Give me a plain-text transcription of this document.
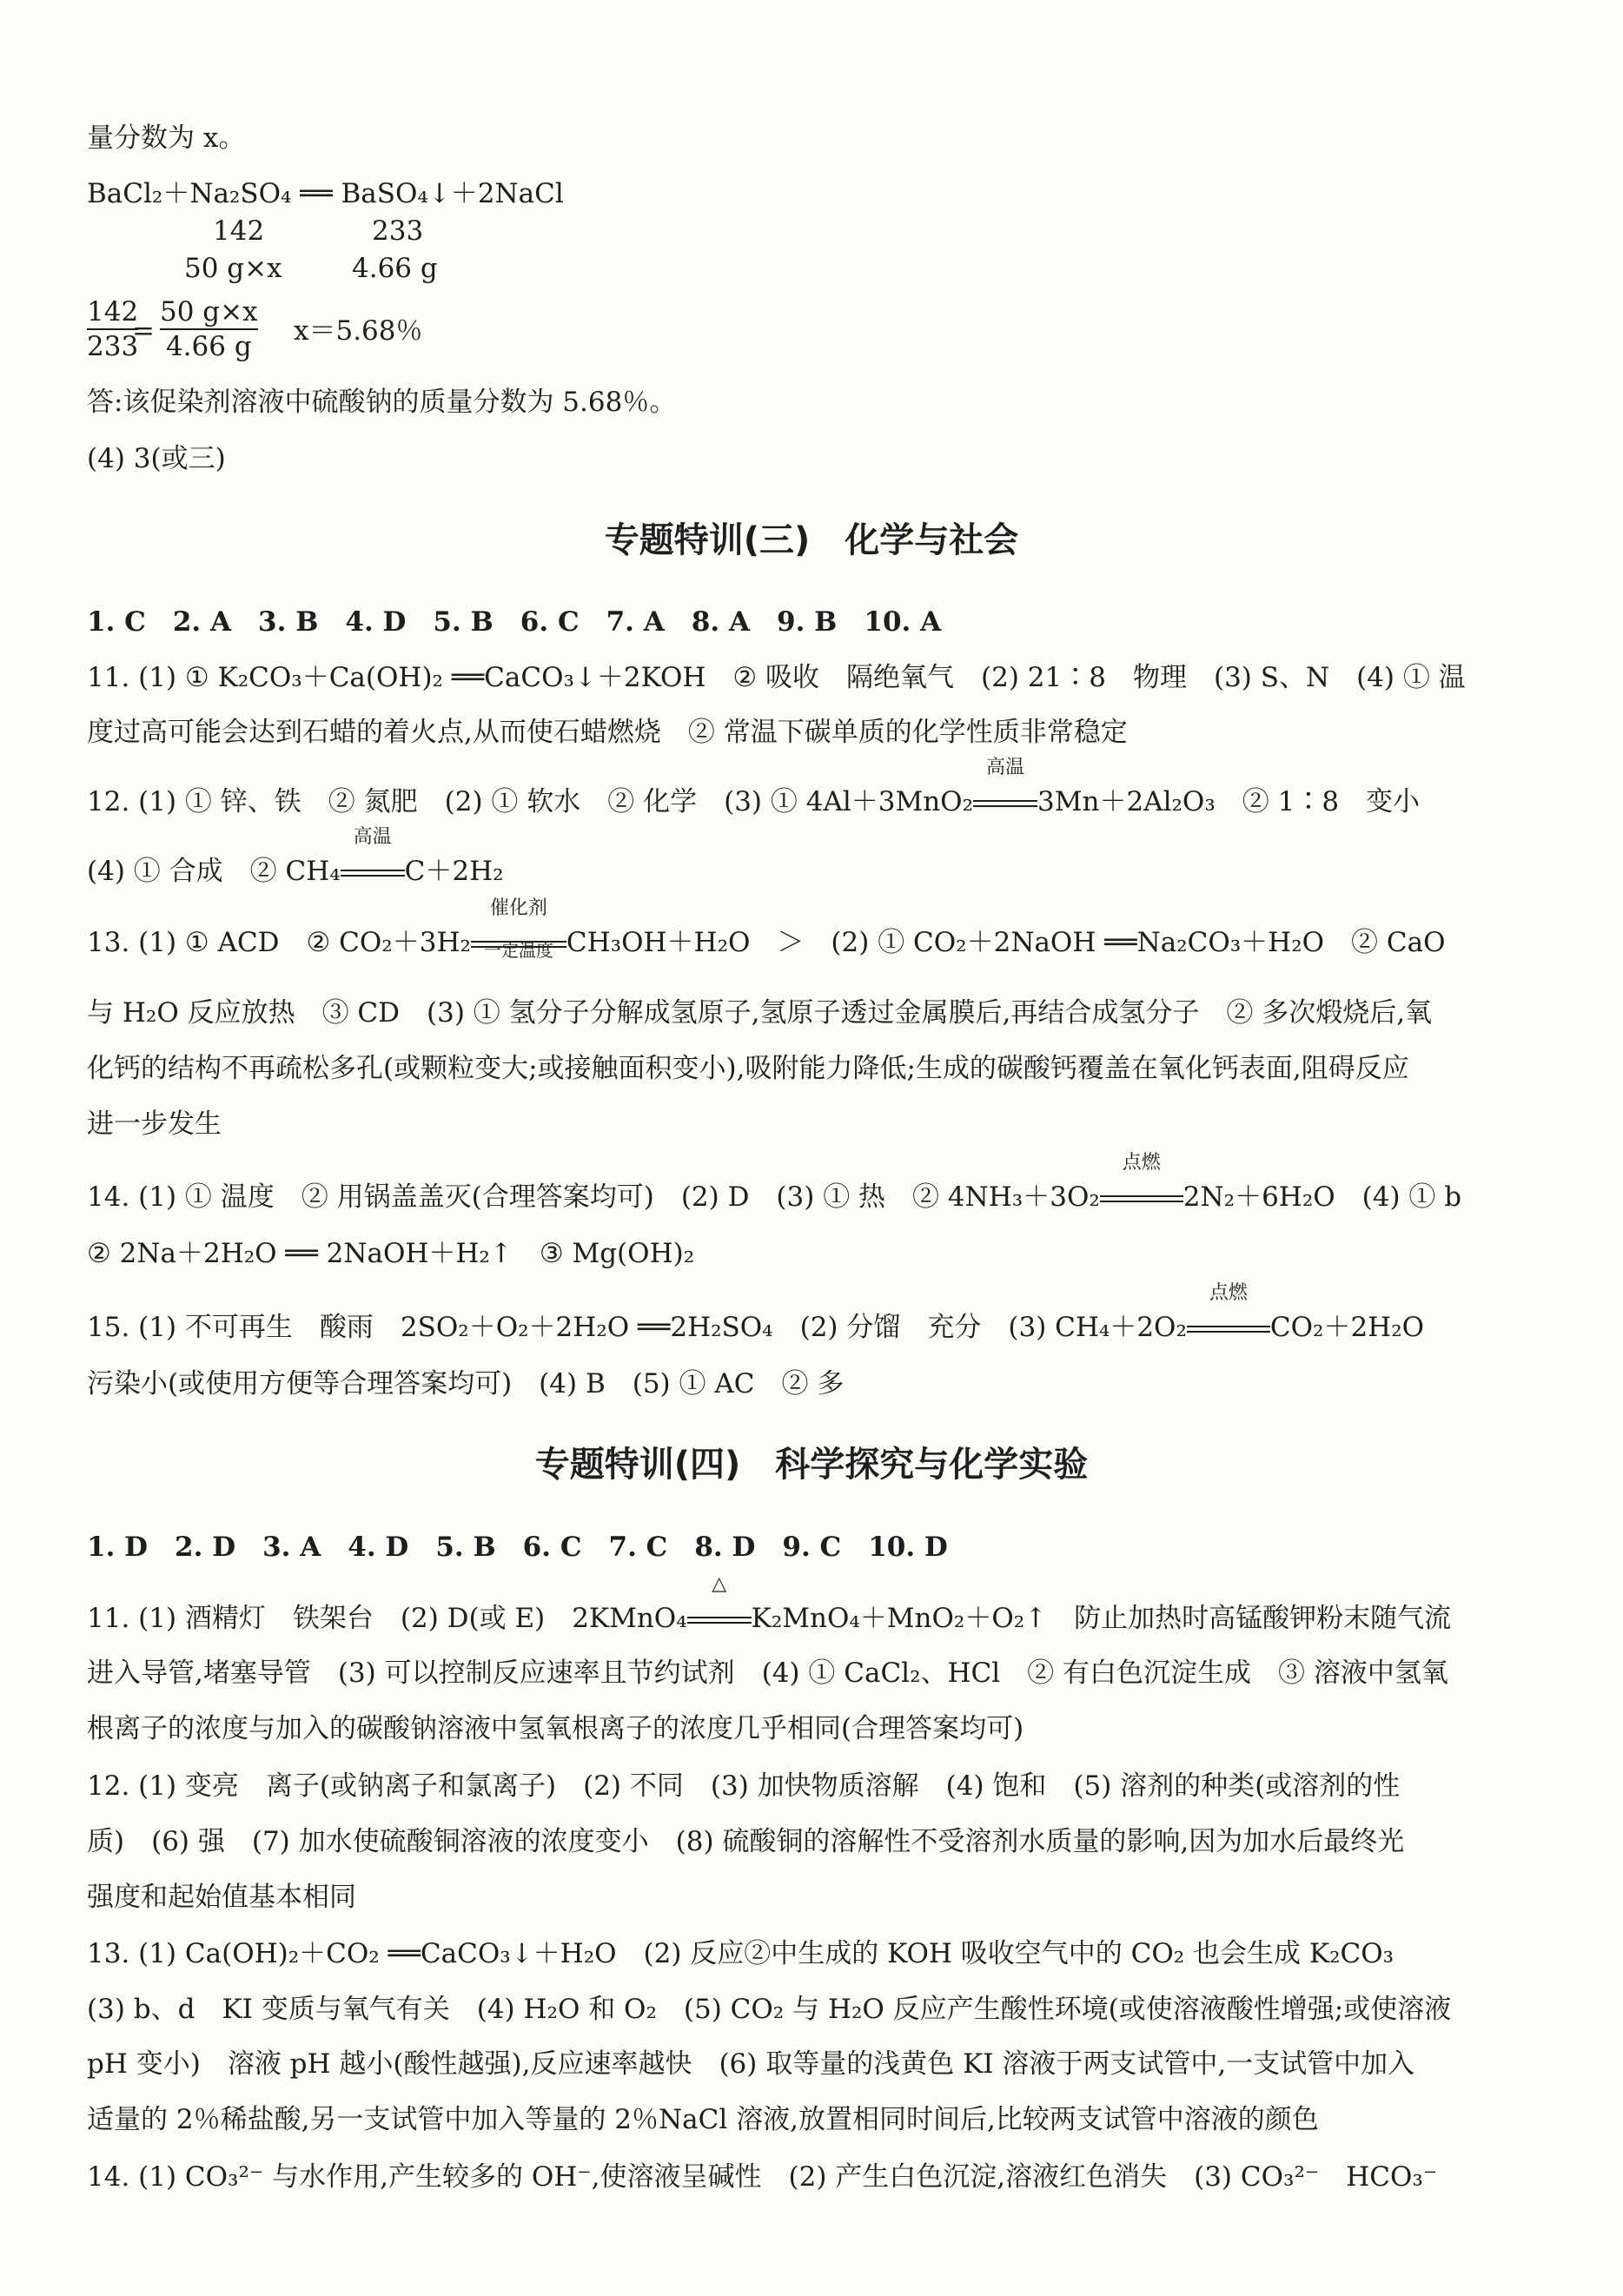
量分数为 x。
BaCl₂＋Na₂SO₄ ══ BaSO₄↓＋2NaCl
142	233
50 g×x	4.66 g
$\frac{142}{233}$
= $\frac{50 g\times x}{4.66 g} x=5.68$％
答:该促染剂溶液中硫酸钠的质量分数为 5.68％。
(4) 3(或三)
专题特训(三)　化学与社会
1. C　2. A　3. B　4. D　5. B　6. C　7. A　8. A　9. B　10. A
11. (1) ① K₂CO₃＋Ca(OH)₂ ══CaCO₃↓＋2KOH　② 吸收　隔绝氧气　(2) 21∶8　物理　(3) S、N　(4) ① 温
度过高可能会达到石蜡的着火点,从而使石蜡燃烧　② 常温下碳单质的化学性质非常稳定
12. (1) ① 锌、铁　② 氮肥　(2) ① 软水　② 化学　(3) ① 4Al＋3MnO₂
高温
3Mn＋2Al₂O₃　② 1∶8　变小
(4) ① 合成　② CH₄
高温
C＋2H₂
13. (1) ① ACD　② CO₂＋3H₂
催化剂
一定温度 CH₃OH＋H₂O　＞　(2) ① CO₂＋2NaOH ══Na₂CO₃＋H₂O　② CaO
与 H₂O 反应放热　③ CD　(3) ① 氢分子分解成氢原子,氢原子透过金属膜后,再结合成氢分子　② 多次煅烧后,氧
化钙的结构不再疏松多孔(或颗粒变大;或接触面积变小),吸附能力降低;生成的碳酸钙覆盖在氧化钙表面,阻碍反应
进一步发生
14. (1) ① 温度　② 用锅盖盖灭(合理答案均可)　(2) D　(3) ① 热　② 4NH₃＋3O₂
点燃
2N₂＋6H₂O　(4) ① b
② 2Na＋2H₂O ══ 2NaOH＋H₂↑　③ Mg(OH)₂
15. (1) 不可再生　酸雨　2SO₂＋O₂＋2H₂O ══2H₂SO₄　(2) 分馏　充分　(3) CH₄＋2O₂
点燃
CO₂＋2H₂O
污染小(或使用方便等合理答案均可)　(4) B　(5) ① AC　② 多
专题特训(四)　科学探究与化学实验
1. D　2. D　3. A　4. D　5. B　6. C　7. C　8. D　9. C　10. D
11. (1) 酒精灯　铁架台　(2) D(或 E)　2KMnO₄
△
K₂MnO₄＋MnO₂＋O₂↑　防止加热时高锰酸钾粉末随气流
进入导管,堵塞导管　(3) 可以控制反应速率且节约试剂　(4) ① CaCl₂、HCl　② 有白色沉淀生成　③ 溶液中氢氧
根离子的浓度与加入的碳酸钠溶液中氢氧根离子的浓度几乎相同(合理答案均可)
12. (1) 变亮　离子(或钠离子和氯离子)　(2) 不同　(3) 加快物质溶解　(4) 饱和　(5) 溶剂的种类(或溶剂的性
质)　(6) 强　(7) 加水使硫酸铜溶液的浓度变小　(8) 硫酸铜的溶解性不受溶剂水质量的影响,因为加水后最终光
强度和起始值基本相同
13. (1) Ca(OH)₂＋CO₂ ══CaCO₃↓＋H₂O　(2) 反应②中生成的 KOH 吸收空气中的 CO₂ 也会生成 K₂CO₃
(3) b、d　KI 变质与氧气有关　(4) H₂O 和 O₂　(5) CO₂ 与 H₂O 反应产生酸性环境(或使溶液酸性增强;或使溶液
pH 变小)　溶液 pH 越小(酸性越强),反应速率越快　(6) 取等量的浅黄色 KI 溶液于两支试管中,一支试管中加入
适量的 2％稀盐酸,另一支试管中加入等量的 2％NaCl 溶液,放置相同时间后,比较两支试管中溶液的颜色
14. (1) CO₃²⁻ 与水作用,产生较多的 OH⁻,使溶液呈碱性　(2) 产生白色沉淀,溶液红色消失　(3) CO₃²⁻　HCO₃⁻
